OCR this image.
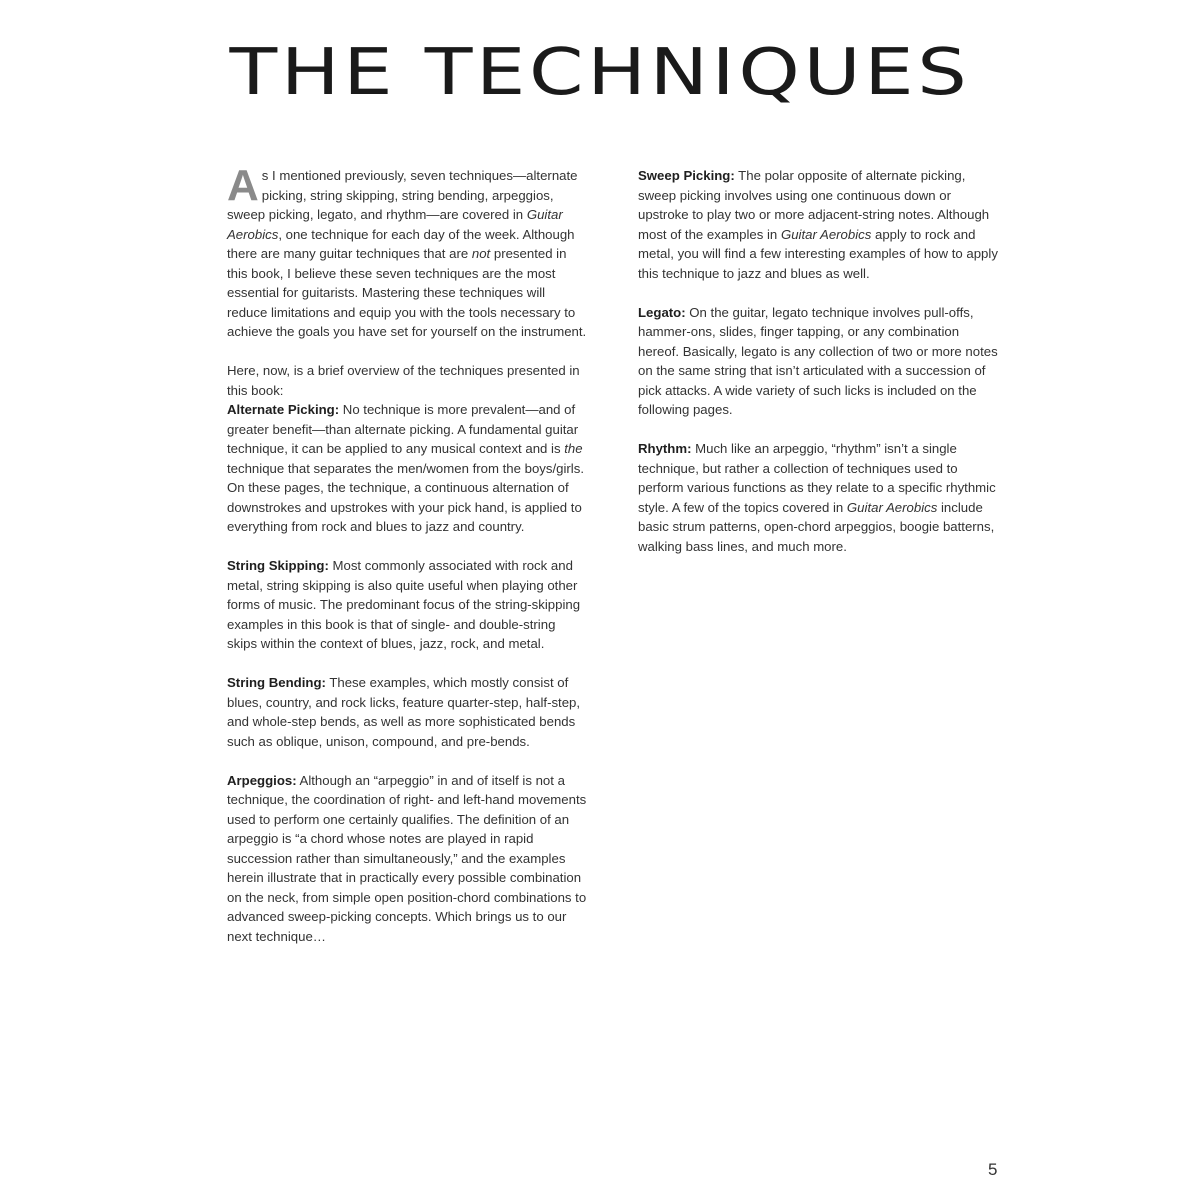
THE TECHNIQUES

As I mentioned previously, seven techniques—alternate picking, string skipping, string bending, arpeggios, sweep picking, legato, and rhythm—are covered in Guitar Aerobics, one technique for each day of the week. Although there are many guitar techniques that are not presented in this book, I believe these seven techniques are the most essential for guitarists. Mastering these techniques will reduce limitations and equip you with the tools necessary to achieve the goals you have set for yourself on the instrument.

Here, now, is a brief overview of the techniques presented in this book:

Alternate Picking: No technique is more prevalent—and of greater benefit—than alternate picking. A fundamental guitar technique, it can be applied to any musical context and is the technique that separates the men/women from the boys/girls. On these pages, the technique, a continuous alternation of downstrokes and upstrokes with your pick hand, is applied to everything from rock and blues to jazz and country.

String Skipping: Most commonly associated with rock and metal, string skipping is also quite useful when playing other forms of music. The predominant focus of the string-skipping examples in this book is that of single- and double-string skips within the context of blues, jazz, rock, and metal.

String Bending: These examples, which mostly consist of blues, country, and rock licks, feature quarter-step, half-step, and whole-step bends, as well as more sophisticated bends such as oblique, unison, compound, and pre-bends.

Arpeggios: Although an “arpeggio” in and of itself is not a technique, the coordination of right- and left-hand movements used to perform one certainly qualifies. The definition of an arpeggio is “a chord whose notes are played in rapid succession rather than simultaneously,” and the examples herein illustrate that in practically every possible combination on the neck, from simple open position-chord combinations to advanced sweep-picking concepts. Which brings us to our next technique…

Sweep Picking: The polar opposite of alternate picking, sweep picking involves using one continuous down or upstroke to play two or more adjacent-string notes. Although most of the examples in Guitar Aerobics apply to rock and metal, you will find a few interesting examples of how to apply this technique to jazz and blues as well.

Legato: On the guitar, legato technique involves pull-offs, hammer-ons, slides, finger tapping, or any combination hereof. Basically, legato is any collection of two or more notes on the same string that isn’t articulated with a succession of pick attacks. A wide variety of such licks is included on the following pages.

Rhythm: Much like an arpeggio, “rhythm” isn’t a single technique, but rather a collection of techniques used to perform various functions as they relate to a specific rhythmic style. A few of the topics covered in Guitar Aerobics include basic strum patterns, open-chord arpeggios, boogie batterns, walking bass lines, and much more.

5
